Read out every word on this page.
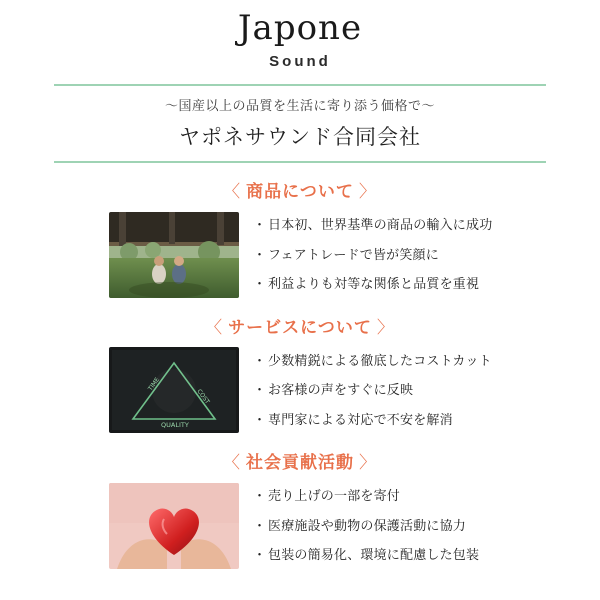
Japone
Sound
〜国産以上の品質を生活に寄り添う価格で〜
ヤポネサウンド合同会社
〈 商品について 〉
・ 日本初、世界基準の商品の輸入に成功
・ フェアトレードで皆が笑顔に
・ 利益よりも対等な関係と品質を重視
〈 サービスについて 〉
TIME
COST
QUALITY
・ 少数精鋭による徹底したコストカット
・ お客様の声をすぐに反映
・ 専門家による対応で不安を解消
〈 社会貢献活動 〉
・ 売り上げの一部を寄付
・ 医療施設や動物の保護活動に協力
・ 包装の簡易化、環境に配慮した包装
